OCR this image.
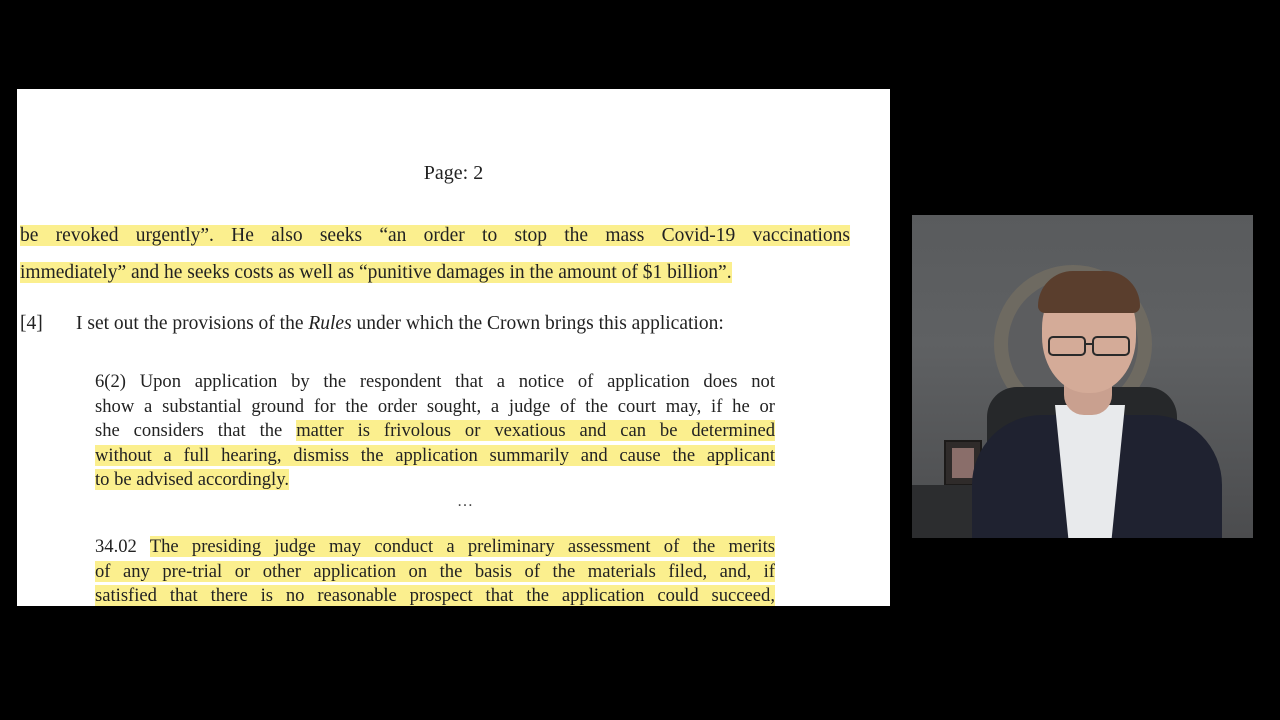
Page: 2
be revoked urgently”. He also seeks “an order to stop the mass Covid-19 vaccinations
immediately” and he seeks costs as well as “punitive damages in the amount of $1 billion”.
[4] I set out the provisions of the Rules under which the Crown brings this application:
6(2) Upon application by the respondent that a notice of application does not
show a substantial ground for the order sought, a judge of the court may, if he or
she considers that the matter is frivolous or vexatious and can be determined
without a full hearing, dismiss the application summarily and cause the applicant
to be advised accordingly.
…
34.02 The presiding judge may conduct a preliminary assessment of the merits
of any pre-trial or other application on the basis of the materials filed, and, if
satisfied that there is no reasonable prospect that the application could succeed,
